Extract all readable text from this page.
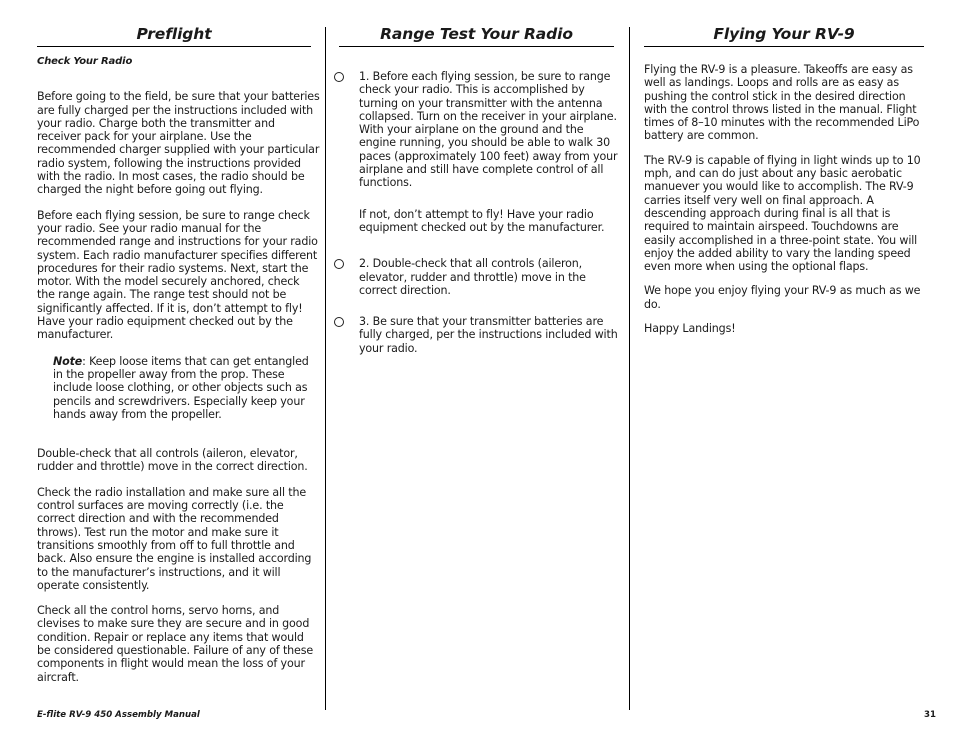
Preflight

Check Your Radio

Before going to the field, be sure that your batteries are fully charged per the instructions included with your radio. Charge both the transmitter and receiver pack for your airplane. Use the recommended charger supplied with your particular radio system, following the instructions provided with the radio. In most cases, the radio should be charged the night before going out flying.

Before each flying session, be sure to range check your radio. See your radio manual for the recommended range and instructions for your radio system. Each radio manufacturer specifies different procedures for their radio systems. Next, start the motor. With the model securely anchored, check the range again. The range test should not be significantly affected. If it is, don’t attempt to fly! Have your radio equipment checked out by the manufacturer.

Note: Keep loose items that can get entangled in the propeller away from the prop. These include loose clothing, or other objects such as pencils and screwdrivers. Especially keep your hands away from the propeller.

Double-check that all controls (aileron, elevator, rudder and throttle) move in the correct direction.

Check the radio installation and make sure all the control surfaces are moving correctly (i.e. the correct direction and with the recommended throws). Test run the motor and make sure it transitions smoothly from off to full throttle and back. Also ensure the engine is installed according to the manufacturer’s instructions, and it will operate consistently.

Check all the control horns, servo horns, and clevises to make sure they are secure and in good condition. Repair or replace any items that would be considered questionable. Failure of any of these components in flight would mean the loss of your aircraft.

Range Test Your Radio

1. Before each flying session, be sure to range check your radio. This is accomplished by turning on your transmitter with the antenna collapsed. Turn on the receiver in your airplane. With your airplane on the ground and the engine running, you should be able to walk 30 paces (approximately 100 feet) away from your airplane and still have complete control of all functions.

If not, don’t attempt to fly! Have your radio equipment checked out by the manufacturer.

2. Double-check that all controls (aileron, elevator, rudder and throttle) move in the correct direction.

3. Be sure that your transmitter batteries are fully charged, per the instructions included with your radio.

Flying Your RV-9

Flying the RV-9 is a pleasure. Takeoffs are easy as well as landings. Loops and rolls are as easy as pushing the control stick in the desired direction with the control throws listed in the manual. Flight times of 8–10 minutes with the recommended LiPo battery are common.

The RV-9 is capable of flying in light winds up to 10 mph, and can do just about any basic aerobatic manuever you would like to accomplish. The RV-9 carries itself very well on final approach. A descending approach during final is all that is required to maintain airspeed. Touchdowns are easily accomplished in a three-point state. You will enjoy the added ability to vary the landing speed even more when using the optional flaps.

We hope you enjoy flying your RV-9 as much as we do.

Happy Landings!

E-flite RV-9 450 Assembly Manual	31
